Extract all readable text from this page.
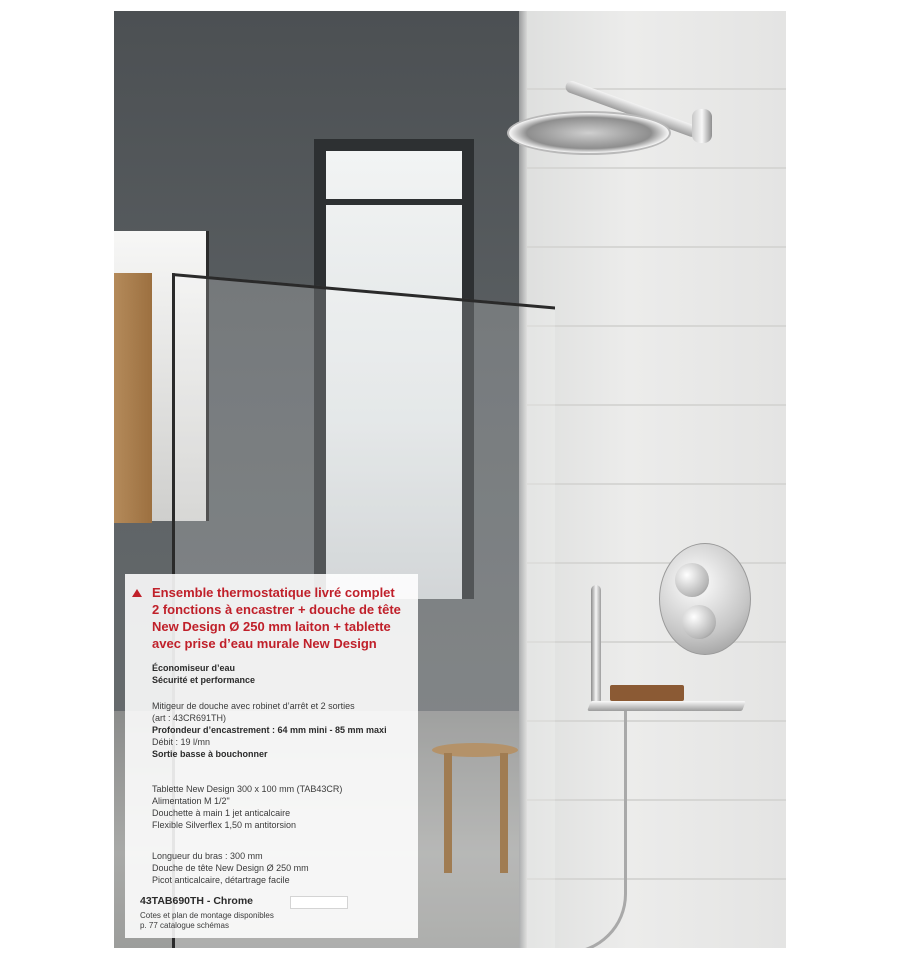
Ensemble thermostatique livré complet
2 fonctions à encastrer + douche de tête
New Design Ø 250 mm laiton + tablette
avec prise d’eau murale New Design
Économiseur d’eau
Sécurité et performance
Mitigeur de douche avec robinet d’arrêt et 2 sorties
(art : 43CR691TH)
Profondeur d’encastrement : 64 mm mini - 85 mm maxi
Débit : 19 l/mn
Sortie basse à bouchonner
Tablette New Design 300 x 100 mm (TAB43CR)
Alimentation M 1/2"
Douchette à main 1 jet anticalcaire
Flexible Silverflex 1,50 m antitorsion
Longueur du bras : 300 mm
Douche de tête New Design Ø 250 mm
Picot anticalcaire, détartrage facile
43TAB690TH - Chrome
Cotes et plan de montage disponibles
p. 77 catalogue schémas
